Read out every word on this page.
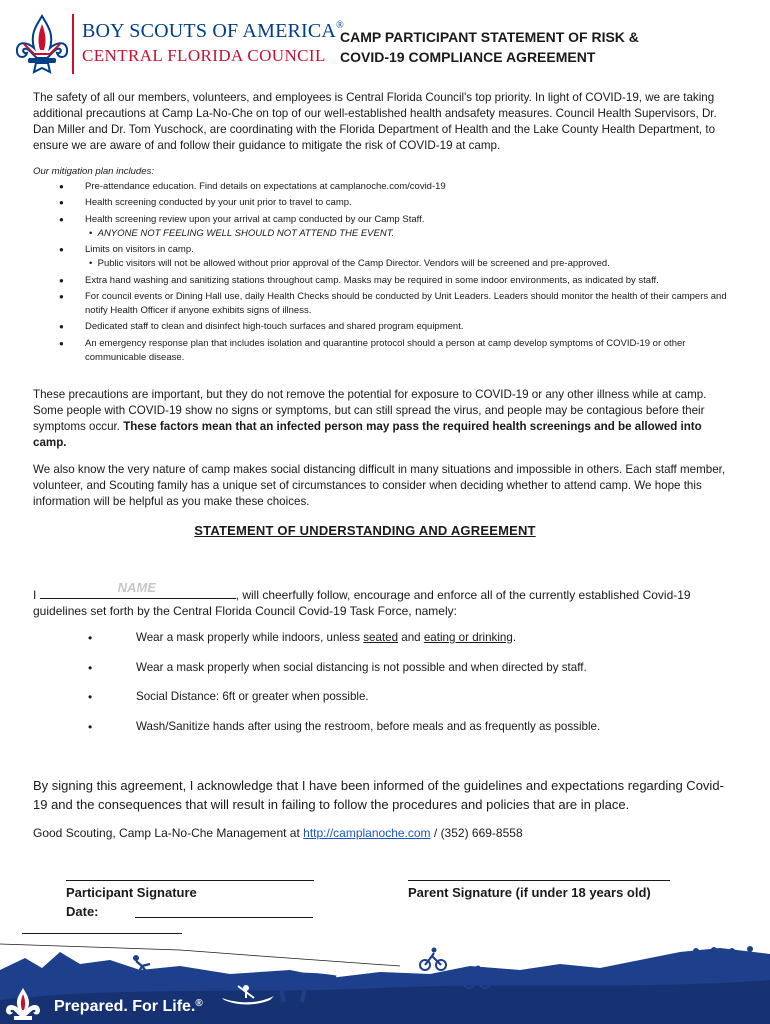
BOY SCOUTS OF AMERICA®
CENTRAL FLORIDA COUNCIL
CAMP PARTICIPANT STATEMENT OF RISK &
COVID-19 COMPLIANCE AGREEMENT
The safety of all our members, volunteers, and employees is Central Florida Council's top priority. In light of COVID-19, we are taking additional precautions at Camp La-No-Che on top of our well-established health andsafety measures. Council Health Supervisors, Dr. Dan Miller and Dr. Tom Yuschock, are coordinating with the Florida Department of Health and the Lake County Health Department, to ensure we are aware of and follow their guidance to mitigate the risk of COVID-19 at camp.
Our mitigation plan includes:
● Pre-attendance education. Find details on expectations at camplanoche.com/covid-19
● Health screening conducted by your unit prior to travel to camp.
● Health screening review upon your arrival at camp conducted by our Camp Staff.
•  ANYONE NOT FEELING WELL SHOULD NOT ATTEND THE EVENT.
● Limits on visitors in camp.
•  Public visitors will not be allowed without prior approval of the Camp Director. Vendors will be screened and pre-approved.
● Extra hand washing and sanitizing stations throughout camp. Masks may be required in some indoor environments, as indicated by staff.
● For council events or Dining Hall use, daily Health Checks should be conducted by Unit Leaders. Leaders should monitor the health of their campers and notify Health Officer if anyone exhibits signs of illness.
● Dedicated staff to clean and disinfect high-touch surfaces and shared program equipment.
● An emergency response plan that includes isolation and quarantine protocol should a person at camp develop symptoms of COVID-19 or other communicable disease.
These precautions are important, but they do not remove the potential for exposure to COVID-19 or any other illness while at camp. Some people with COVID-19 show no signs or symptoms, but can still spread the virus, and people may be contagious before their symptoms occur. These factors mean that an infected person may pass the required health screenings and be allowed into camp.
We also know the very nature of camp makes social distancing difficult in many situations and impossible in others. Each staff member, volunteer, and Scouting family has a unique set of circumstances to consider when deciding whether to attend camp. We hope this information will be helpful as you make these choices.
STATEMENT OF UNDERSTANDING AND AGREEMENT
I	NAME	, will cheerfully follow, encourage and enforce all of the currently established Covid-19 guidelines set forth by the Central Florida Council Covid-19 Task Force, namely:
• Wear a mask properly while indoors, unless seated and eating or drinking.
• Wear a mask properly when social distancing is not possible and when directed by staff.
• Social Distance: 6ft or greater when possible.
• Wash/Sanitize hands after using the restroom, before meals and as frequently as possible.
By signing this agreement, I acknowledge that I have been informed of the guidelines and expectations regarding Covid-19 and the consequences that will result in failing to follow the procedures and policies that are in place.
Good Scouting, Camp La-No-Che Management at http://camplanoche.com / (352) 669-8558
Participant Signature
Date:
Parent Signature (if under 18 years old)
Prepared. For Life.®
